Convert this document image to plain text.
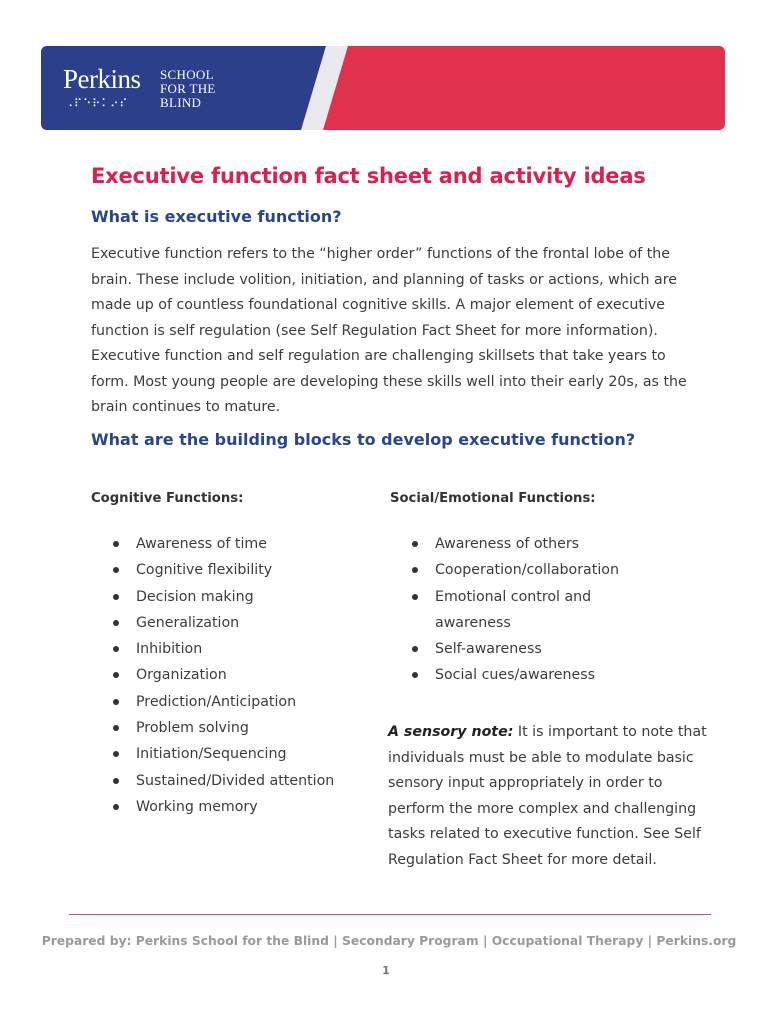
Perkins
⠠⠏⠑⠗⠅⠔⠎
SCHOOL
FOR THE
BLIND
Executive function fact sheet and activity ideas
What is executive function?

Executive function refers to the “higher order” functions of the frontal lobe of the brain. These include volition, initiation, and planning of tasks or actions, which are made up of countless foundational cognitive skills. A major element of executive function is self regulation (see Self Regulation Fact Sheet for more information). Executive function and self regulation are challenging skillsets that take years to form. Most young people are developing these skills well into their early 20s, as the brain continues to mature.

What are the building blocks to develop executive function?
Cognitive Functions:	Social/Emotional Functions:
Awareness of time
Cognitive flexibility
Decision making
Generalization
Inhibition
Organization
Prediction/Anticipation
Problem solving
Initiation/Sequencing
Sustained/Divided attention
Working memory
Awareness of others
Cooperation/collaboration
Emotional control and awareness
Self-awareness
Social cues/awareness

A sensory note: It is important to note that individuals must be able to modulate basic sensory input appropriately in order to perform the more complex and challenging tasks related to executive function. See Self Regulation Fact Sheet for more detail.

Prepared by: Perkins School for the Blind | Secondary Program | Occupational Therapy | Perkins.org

1
